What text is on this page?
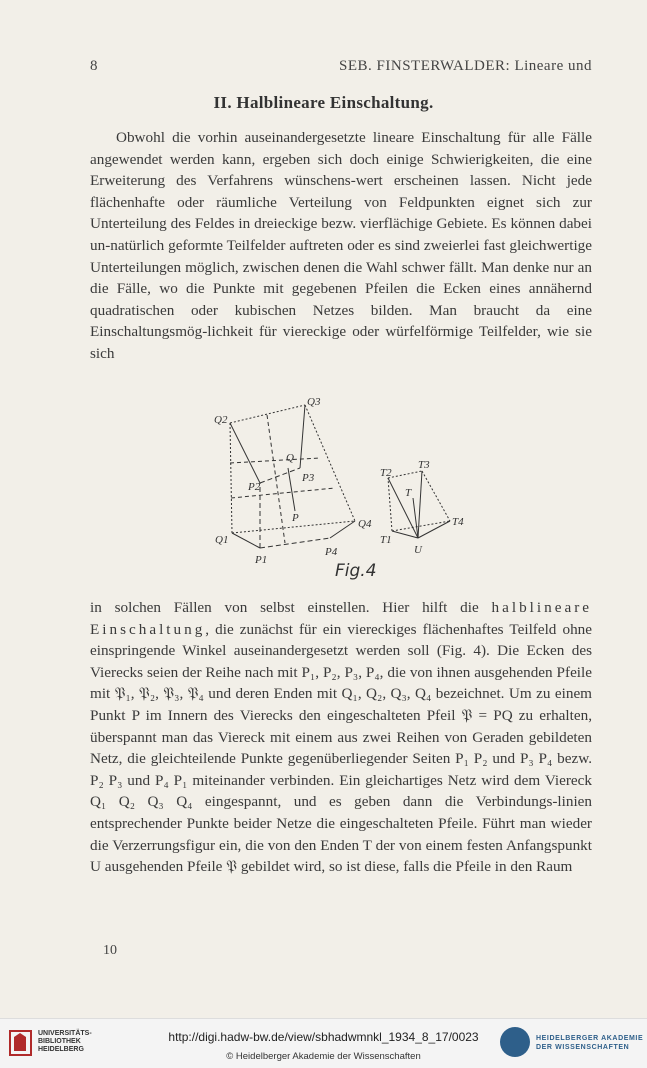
8	SEB. FINSTERWALDER: Lineare und
II. Halblineare Einschaltung.

Obwohl die vorhin auseinandergesetzte lineare Einschaltung für alle Fälle angewendet werden kann, ergeben sich doch einige Schwierigkeiten, die eine Erweiterung des Verfahrens wünschens-wert erscheinen lassen. Nicht jede flächenhafte oder räumliche Verteilung von Feldpunkten eignet sich zur Unterteilung des Feldes in dreieckige bezw. vierflächige Gebiete. Es können dabei un-natürlich geformte Teilfelder auftreten oder es sind zweierlei fast gleichwertige Unterteilungen möglich, zwischen denen die Wahl schwer fällt. Man denke nur an die Fälle, wo die Punkte mit gegebenen Pfeilen die Ecken eines annähernd quadratischen oder kubischen Netzes bilden. Man braucht da eine Einschaltungsmög-lichkeit für viereckige oder würfelförmige Teilfelder, wie sie sich

Q2
Q3
Q1
Q4
P1
P2
P3
P4
P
Q
T1
T2
T3
T4
T
U
Fig.4

in solchen Fällen von selbst einstellen. Hier hilft die halblineare Einschaltung, die zunächst für ein viereckiges flächenhaftes Teilfeld ohne einspringende Winkel auseinandergesetzt werden soll (Fig. 4). Die Ecken des Vierecks seien der Reihe nach mit P₁, P₂, P₃, P₄, die von ihnen ausgehenden Pfeile mit 𝔓₁, 𝔓₂, 𝔓₃, 𝔓₄ und deren Enden mit Q₁, Q₂, Q₃, Q₄ bezeichnet. Um zu einem Punkt P im Innern des Vierecks den eingeschalteten Pfeil 𝔓 = PQ zu erhalten, überspannt man das Viereck mit einem aus zwei Reihen von Geraden gebildeten Netz, die gleichteilende Punkte gegenüberliegender Seiten P₁ P₂ und P₃ P₄ bezw. P₂ P₃ und P₄ P₁ miteinander verbinden. Ein gleichartiges Netz wird dem Viereck Q₁ Q₂ Q₃ Q₄ eingespannt, und es geben dann die Verbindungs-linien entsprechender Punkte beider Netze die eingeschalteten Pfeile. Führt man wieder die Verzerrungsfigur ein, die von den Enden T der von einem festen Anfangspunkt U ausgehenden Pfeile 𝔓 gebildet wird, so ist diese, falls die Pfeile in den Raum

10
UNIVERSITÄTS-
BIBLIOTHEK
HEIDELBERG
http://digi.hadw-bw.de/view/sbhadwmnkl_1934_8_17/0023
© Heidelberger Akademie der Wissenschaften
HEIDELBERGER AKADEMIE
DER WISSENSCHAFTEN
